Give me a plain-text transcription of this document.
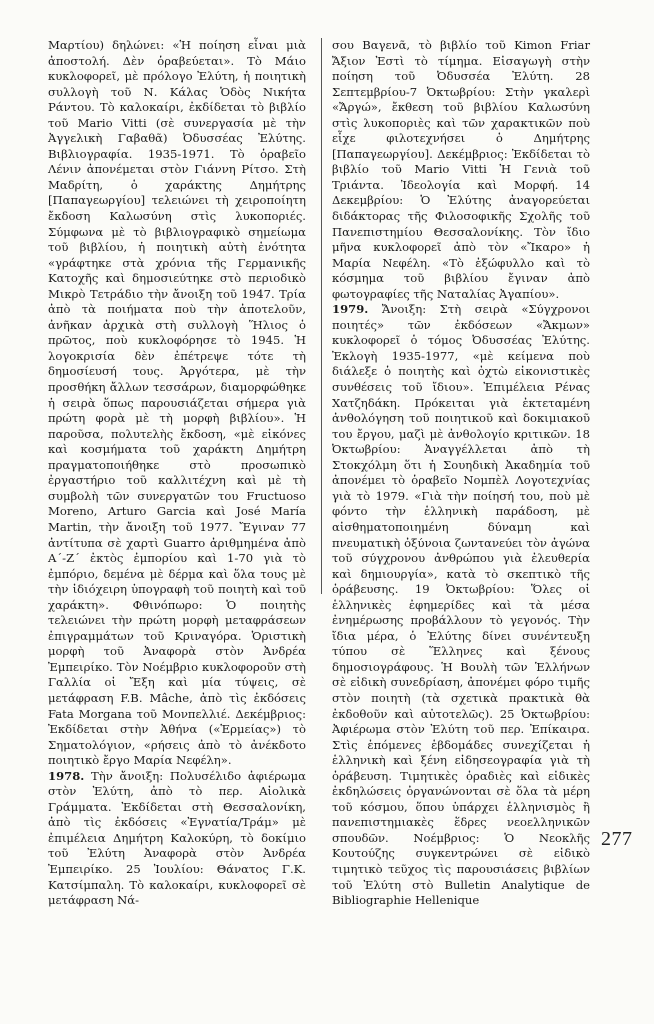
Μαρτίου) δηλώνει: «Ἡ ποίηση εἶναι μιὰ ἀποστολή. Δὲν ὁραβεύεται». Τὸ Μάιο κυκλοφορεῖ, μὲ πρόλογο Ἐλύτη, ἡ ποιητικὴ συλλογὴ τοῦ Ν. Κάλας Ὁδὸς Νικήτα Ράντου. Τὸ καλοκαίρι, ἐκδίδεται τὸ βιβλίο τοῦ Mario Vitti (σὲ συνεργασία μὲ τὴν Ἀγγελικὴ Γαβαθᾶ) Ὀδυσσέας Ἐλύτης. Βιβλιογραφία. 1935-1971. Τὸ ὁραβεῖο Λένιν ἀπονέμεται στὸν Γιάννη Ρίτσο. Στὴ Μαδρίτη, ὁ χαράκτης Δημήτρης [Παπαγεωργίου] τελειώνει τὴ χειροποίητη ἔκδοση Καλωσύνη στὶς λυκοποριές. Σύμφωνα μὲ τὸ βιβλιογραφικὸ σημείωμα τοῦ βιβλίου, ἡ ποιητικὴ αὐτὴ ἑνότητα «γράφτηκε στὰ χρόνια τῆς Γερμανικῆς Κατοχῆς καὶ δημοσιεύτηκε στὸ περιοδικὸ Μικρὸ Τετράδιο τὴν ἄνοιξη τοῦ 1947. Τρία ἀπὸ τὰ ποιήματα ποὺ τὴν ἀποτελοῦν, ἀνῆκαν ἀρχικὰ στὴ συλλογὴ Ἥλιος ὁ πρῶτος, ποὺ κυκλοφόρησε τὸ 1945. Ἡ λογοκρισία δὲν ἐπέτρεψε τότε τὴ δημοσίευσή τους. Ἀργότερα, μὲ τὴν προσθήκη ἄλλων τεσσάρων, διαμορφώθηκε ἡ σειρὰ ὅπως παρουσιάζεται σήμερα γιὰ πρώτη φορὰ μὲ τὴ μορφὴ βιβλίου». Ἡ παροῦσα, πολυτελὴς ἔκδοση, «μὲ εἰκόνες καὶ κοσμήματα τοῦ χαράκτη Δημήτρη πραγματοποιήθηκε στὸ προσωπικὸ ἐργαστήριο τοῦ καλλιτέχνη καὶ μὲ τὴ συμβολὴ τῶν συνεργατῶν του Fructuoso Moreno, Arturo Garcia καὶ José María Martin, τὴν ἄνοιξη τοῦ 1977. Ἔγιναν 77 ἀντίτυπα σὲ χαρτὶ Guarro ἀριθμημένα ἀπὸ Α΄-Ζ΄ ἐκτὸς ἐμπορίου καὶ 1-70 γιὰ τὸ ἐμπόριο, δεμένα μὲ δέρμα καὶ ὅλα τους μὲ τὴν ἰδιόχειρη ὑπογραφὴ τοῦ ποιητὴ καὶ τοῦ χαράκτη». Φθινόπωρο: Ὁ ποιητὴς τελειώνει τὴν πρώτη μορφὴ μεταφράσεων ἐπιγραμμάτων τοῦ Κριναγόρα. Ὁριστικὴ μορφὴ τοῦ Ἀναφορὰ στὸν Ἀνδρέα Ἐμπειρίκο. Τὸν Νοέμβριο κυκλοφοροῦν στὴ Γαλλία οἱ Ἔξη καὶ μία τύψεις, σὲ μετάφραση F.B. Mâche, ἀπὸ τὶς ἐκδόσεις Fata Morgana τοῦ Μονπελλιέ. Δεκέμβριος: Ἐκδίδεται στὴν Ἀθήνα («Ἑρμείας») τὸ Σηματολόγιον, «ρήσεις ἀπὸ τὸ ἀνέκδοτο ποιητικὸ ἔργο Μαρία Νεφέλη».

1978. Τὴν ἄνοιξη: Πολυσέλιδο ἀφιέρωμα στὸν Ἐλύτη, ἀπὸ τὸ περ. Αἰολικὰ Γράμματα. Ἐκδίδεται στὴ Θεσσαλονίκη, ἀπὸ τὶς ἐκδόσεις «Ἐγνατία/Τράμ» μὲ ἐπιμέλεια Δημήτρη Καλοκύρη, τὸ δοκίμιο τοῦ Ἐλύτη Ἀναφορὰ στὸν Ἀνδρέα Ἐμπειρίκο. 25 Ἰουλίου: Θάνατος Γ.Κ. Κατσίμπαλη. Τὸ καλοκαίρι, κυκλοφορεῖ σὲ μετάφραση Νά-

σου Βαγενᾶ, τὸ βιβλίο τοῦ Kimon Friar Ἄξιον Ἐστὶ τὸ τίμημα. Εἰσαγωγὴ στὴν ποίηση τοῦ Ὀδυσσέα Ἐλύτη. 28 Σεπτεμβρίου-7 Ὀκτωβρίου: Στὴν γκαλερὶ «Ἄργώ», ἔκθεση τοῦ βιβλίου Καλωσύνη στὶς λυκοποριὲς καὶ τῶν χαρακτικῶν ποὺ εἶχε φιλοτεχνήσει ὁ Δημήτρης [Παπαγεωργίου]. Δεκέμβριος: Ἐκδίδεται τὸ βιβλίο τοῦ Mario Vitti Ἡ Γενιὰ τοῦ Τριάντα. Ἰδεολογία καὶ Μορφή. 14 Δεκεμβρίου: Ὁ Ἐλύτης ἀναγορεύεται διδάκτορας τῆς Φιλοσοφικῆς Σχολῆς τοῦ Πανεπιστημίου Θεσσαλονίκης. Τὸν ἴδιο μῆνα κυκλοφορεῖ ἀπὸ τὸν «Ἴκαρο» ἡ Μαρία Νεφέλη. «Τὸ ἐξώφυλλο καὶ τὸ κόσμημα τοῦ βιβλίου ἔγιναν ἀπὸ φωτογραφίες τῆς Ναταλίας Ἀγαπίου».

1979. Ἄνοιξη: Στὴ σειρὰ «Σύγχρονοι ποιητές» τῶν ἐκδόσεων «Ἄκμων» κυκλοφορεῖ ὁ τόμος Ὀδυσσέας Ἐλύτης. Ἐκλογὴ 1935-1977, «μὲ κείμενα ποὺ διάλεξε ὁ ποιητὴς καὶ ὀχτὼ εἰκονιστικὲς συνθέσεις τοῦ ἴδιου». Ἐπιμέλεια Ρένας Χατζηδάκη. Πρόκειται γιὰ ἐκτεταμένη ἀνθολόγηση τοῦ ποιητικοῦ καὶ δοκιμιακοῦ του ἔργου, μαζὶ μὲ ἀνθολογίο κριτικῶν. 18 Ὀκτωβρίου: Ἀναγγέλλεται ἀπὸ τὴ Στοκχόλμη ὅτι ἡ Σουηδικὴ Ἀκαδημία τοῦ ἀπονέμει τὸ ὁραβεῖο Νομπὲλ Λογοτεχνίας γιὰ τὸ 1979. «Γιὰ τὴν ποίησή του, ποὺ μὲ φόντο τὴν ἑλληνικὴ παράδοση, μὲ αἰσθηματοποιημένη δύναμη καὶ πνευματικὴ ὀξύνοια ζωντανεύει τὸν ἀγώνα τοῦ σύγχρονου ἀνθρώπου γιὰ ἐλευθερία καὶ δημιουργία», κατὰ τὸ σκεπτικὸ τῆς ὁράβευσης. 19 Ὀκτωβρίου: Ὅλες οἱ ἑλληνικὲς ἐφημερίδες καὶ τὰ μέσα ἐνημέρωσης προβάλλουν τὸ γεγονός. Τὴν ἴδια μέρα, ὁ Ἐλύτης δίνει συνέντευξη τύπου σὲ Ἕλληνες καὶ ξένους δημοσιογράφους. Ἡ Βουλὴ τῶν Ἑλλήνων σὲ εἰδικὴ συνεδρίαση, ἀπονέμει φόρο τιμῆς στὸν ποιητὴ (τὰ σχετικὰ πρακτικὰ θὰ ἐκδοθοῦν καὶ αὐτοτελῶς). 25 Ὀκτωβρίου: Ἀφιέρωμα στὸν Ἐλύτη τοῦ περ. Ἐπίκαιρα. Στὶς ἑπόμενες ἑβδομάδες συνεχίζεται ἡ ἑλληνικὴ καὶ ξένη εἰδησεογραφία γιὰ τὴ ὁράβευση. Τιμητικὲς ὁραδιὲς καὶ εἰδικὲς ἐκδηλώσεις ὀργανώνονται σὲ ὅλα τὰ μέρη τοῦ κόσμου, ὅπου ὑπάρχει ἑλληνισμὸς ἢ πανεπιστημιακὲς ἕδρες νεοελληνικῶν σπουδῶν. Νοέμβριος: Ὁ Νεοκλῆς Κουτούζης συγκεντρώνει σὲ εἰδικὸ τιμητικὸ τεῦχος τὶς παρουσιάσεις βιβλίων τοῦ Ἐλύτη στὸ Bulletin Analytique de Bibliographie Hellenique

277
